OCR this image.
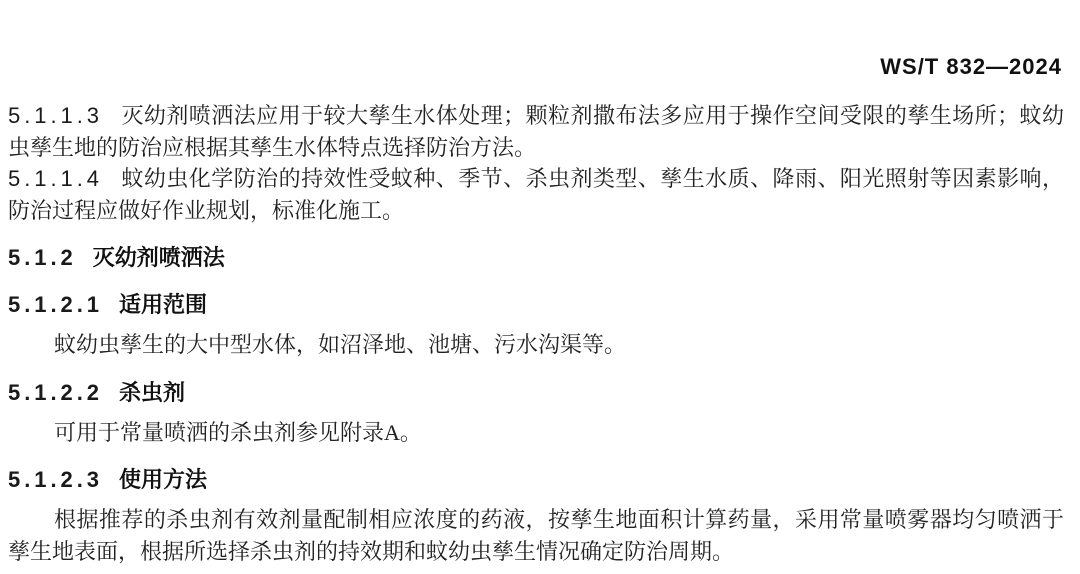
WS/T 832—2024

5.1.1.3 灭幼剂喷洒法应用于较大孳生水体处理；颗粒剂撒布法多应用于操作空间受限的孳生场所；蚊幼虫孳生地的防治应根据其孳生水体特点选择防治方法。

5.1.1.4 蚊幼虫化学防治的持效性受蚊种、季节、杀虫剂类型、孳生水质、降雨、阳光照射等因素影响，防治过程应做好作业规划，标准化施工。

5.1.2 灭幼剂喷洒法
5.1.2.1 适用范围

蚊幼虫孳生的大中型水体，如沼泽地、池塘、污水沟渠等。

5.1.2.2 杀虫剂

可用于常量喷洒的杀虫剂参见附录A。

5.1.2.3 使用方法

根据推荐的杀虫剂有效剂量配制相应浓度的药液，按孳生地面积计算药量，采用常量喷雾器均匀喷洒于孳生地表面，根据所选择杀虫剂的持效期和蚊幼虫孳生情况确定防治周期。
